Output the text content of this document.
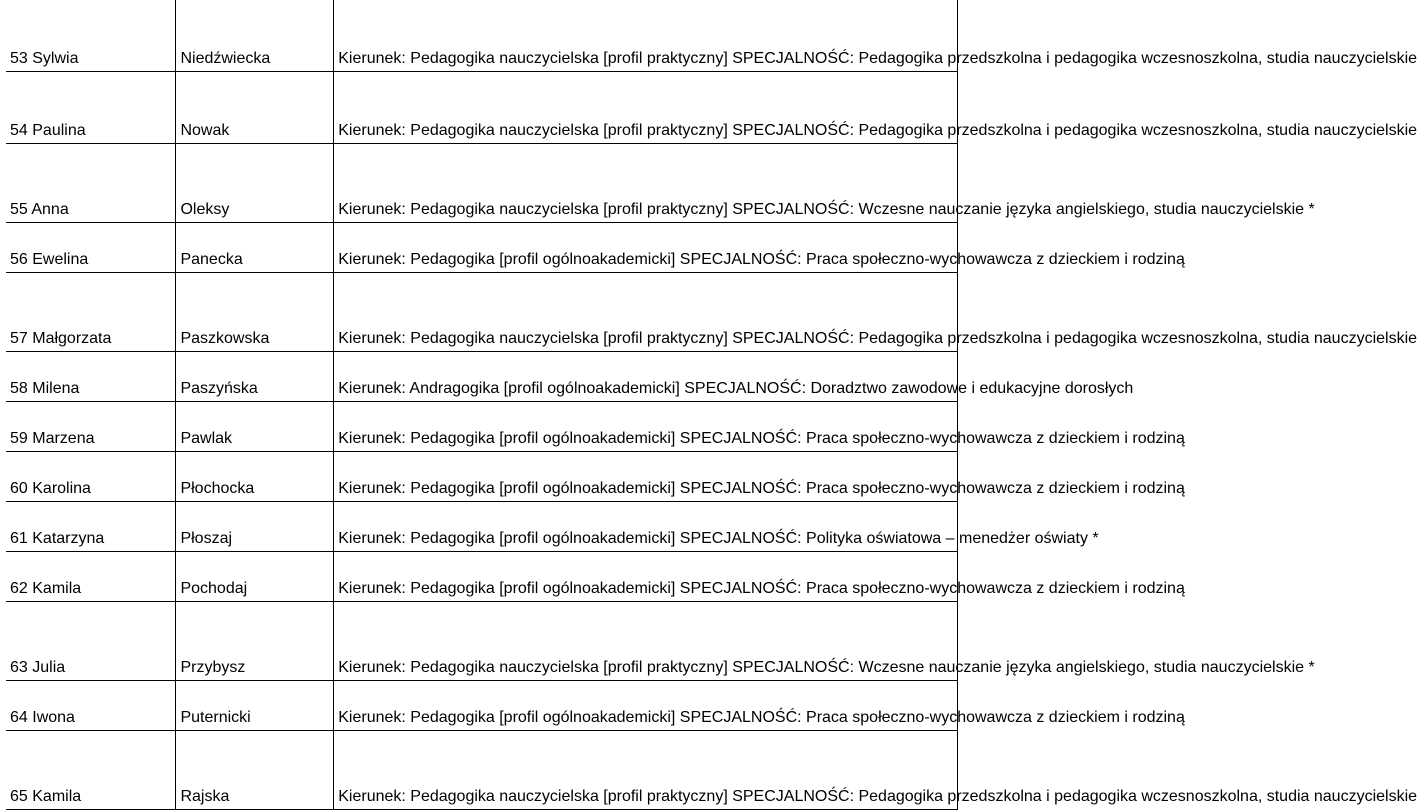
53 Sylwia	Niedźwiecka	Kierunek: Pedagogika nauczycielska [profil praktyczny] SPECJALNOŚĆ: Pedagogika przedszkolna i pedagogika wczesnoszkolna, studia nauczycielskie
54 Paulina	Nowak	Kierunek: Pedagogika nauczycielska [profil praktyczny] SPECJALNOŚĆ: Pedagogika przedszkolna i pedagogika wczesnoszkolna, studia nauczycielskie
55 Anna	Oleksy	Kierunek: Pedagogika nauczycielska [profil praktyczny] SPECJALNOŚĆ: Wczesne nauczanie języka angielskiego, studia nauczycielskie *
56 Ewelina	Panecka	Kierunek: Pedagogika [profil ogólnoakademicki] SPECJALNOŚĆ: Praca społeczno-wychowawcza z dzieckiem i rodziną
57 Małgorzata	Paszkowska	Kierunek: Pedagogika nauczycielska [profil praktyczny] SPECJALNOŚĆ: Pedagogika przedszkolna i pedagogika wczesnoszkolna, studia nauczycielskie
58 Milena	Paszyńska	Kierunek: Andragogika [profil ogólnoakademicki] SPECJALNOŚĆ: Doradztwo zawodowe i edukacyjne dorosłych
59 Marzena	Pawlak	Kierunek: Pedagogika [profil ogólnoakademicki] SPECJALNOŚĆ: Praca społeczno-wychowawcza z dzieckiem i rodziną
60 Karolina	Płochocka	Kierunek: Pedagogika [profil ogólnoakademicki] SPECJALNOŚĆ: Praca społeczno-wychowawcza z dzieckiem i rodziną
61 Katarzyna	Płoszaj	Kierunek: Pedagogika [profil ogólnoakademicki] SPECJALNOŚĆ: Polityka oświatowa – menedżer oświaty *
62 Kamila	Pochodaj	Kierunek: Pedagogika [profil ogólnoakademicki] SPECJALNOŚĆ: Praca społeczno-wychowawcza z dzieckiem i rodziną
63 Julia	Przybysz	Kierunek: Pedagogika nauczycielska [profil praktyczny] SPECJALNOŚĆ: Wczesne nauczanie języka angielskiego, studia nauczycielskie *
64 Iwona	Puternicki	Kierunek: Pedagogika [profil ogólnoakademicki] SPECJALNOŚĆ: Praca społeczno-wychowawcza z dzieckiem i rodziną
65 Kamila	Rajska	Kierunek: Pedagogika nauczycielska [profil praktyczny] SPECJALNOŚĆ: Pedagogika przedszkolna i pedagogika wczesnoszkolna, studia nauczycielskie
